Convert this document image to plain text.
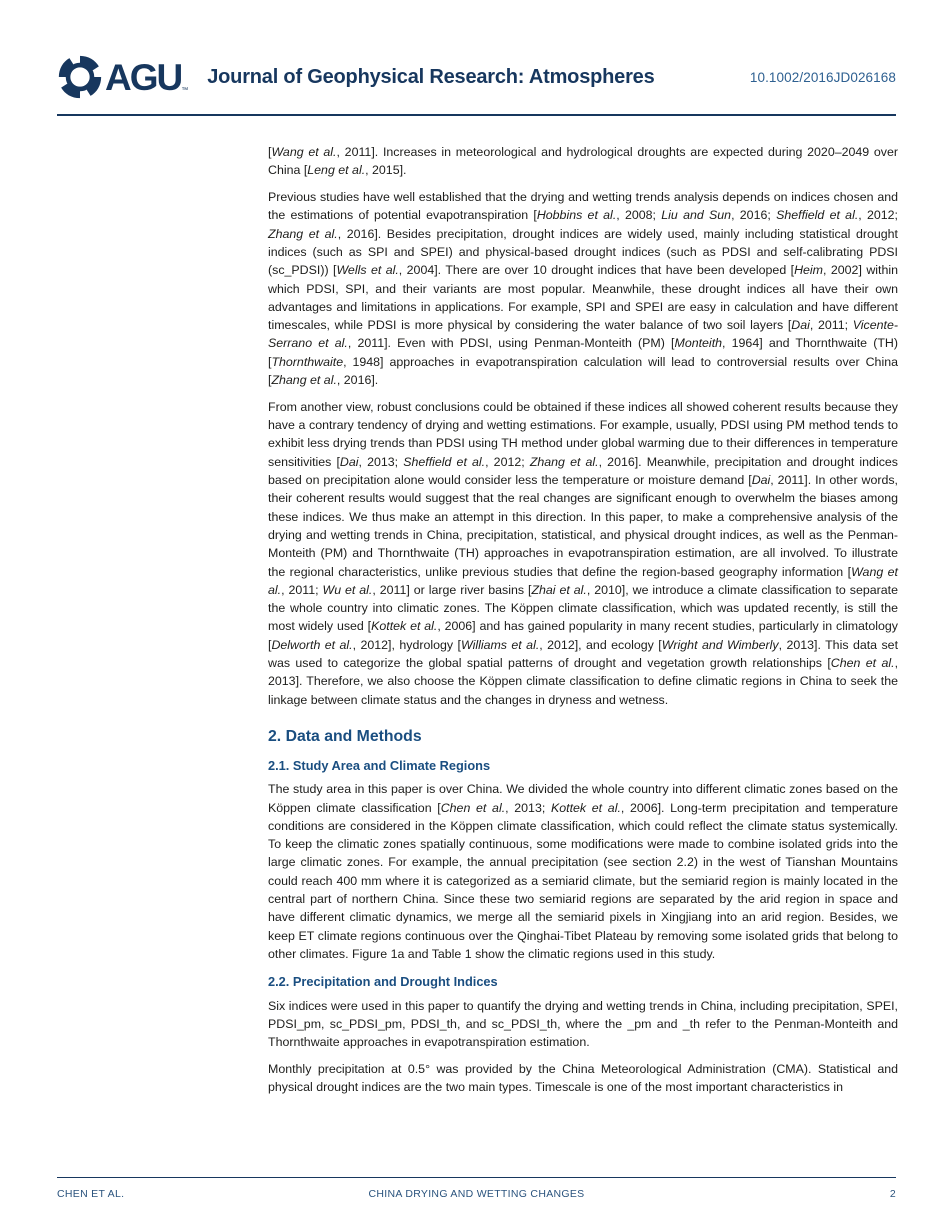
AGU ™
Journal of Geophysical Research: Atmospheres	10.1002/2016JD026168

[Wang et al., 2011]. Increases in meteorological and hydrological droughts are expected during 2020–2049 over China [Leng et al., 2015].

Previous studies have well established that the drying and wetting trends analysis depends on indices chosen and the estimations of potential evapotranspiration [Hobbins et al., 2008; Liu and Sun, 2016; Sheffield et al., 2012; Zhang et al., 2016]. Besides precipitation, drought indices are widely used, mainly including statistical drought indices (such as SPI and SPEI) and physical-based drought indices (such as PDSI and self-calibrating PDSI (sc_PDSI)) [Wells et al., 2004]. There are over 10 drought indices that have been developed [Heim, 2002] within which PDSI, SPI, and their variants are most popular. Meanwhile, these drought indices all have their own advantages and limitations in applications. For example, SPI and SPEI are easy in calculation and have different timescales, while PDSI is more physical by considering the water balance of two soil layers [Dai, 2011; Vicente-Serrano et al., 2011]. Even with PDSI, using Penman-Monteith (PM) [Monteith, 1964] and Thornthwaite (TH) [Thornthwaite, 1948] approaches in evapotranspiration calculation will lead to controversial results over China [Zhang et al., 2016].

From another view, robust conclusions could be obtained if these indices all showed coherent results because they have a contrary tendency of drying and wetting estimations. For example, usually, PDSI using PM method tends to exhibit less drying trends than PDSI using TH method under global warming due to their differences in temperature sensitivities [Dai, 2013; Sheffield et al., 2012; Zhang et al., 2016]. Meanwhile, precipitation and drought indices based on precipitation alone would consider less the temperature or moisture demand [Dai, 2011]. In other words, their coherent results would suggest that the real changes are significant enough to overwhelm the biases among these indices. We thus make an attempt in this direction. In this paper, to make a comprehensive analysis of the drying and wetting trends in China, precipitation, statistical, and physical drought indices, as well as the Penman-Monteith (PM) and Thornthwaite (TH) approaches in evapotranspiration estimation, are all involved. To illustrate the regional characteristics, unlike previous studies that define the region-based geography information [Wang et al., 2011; Wu et al., 2011] or large river basins [Zhai et al., 2010], we introduce a climate classification to separate the whole country into climatic zones. The Köppen climate classification, which was updated recently, is still the most widely used [Kottek et al., 2006] and has gained popularity in many recent studies, particularly in climatology [Delworth et al., 2012], hydrology [Williams et al., 2012], and ecology [Wright and Wimberly, 2013]. This data set was used to categorize the global spatial patterns of drought and vegetation growth relationships [Chen et al., 2013]. Therefore, we also choose the Köppen climate classification to define climatic regions in China to seek the linkage between climate status and the changes in dryness and wetness.

2. Data and Methods
2.1. Study Area and Climate Regions

The study area in this paper is over China. We divided the whole country into different climatic zones based on the Köppen climate classification [Chen et al., 2013; Kottek et al., 2006]. Long-term precipitation and temperature conditions are considered in the Köppen climate classification, which could reflect the climate status systemically. To keep the climatic zones spatially continuous, some modifications were made to combine isolated grids into the large climatic zones. For example, the annual precipitation (see section 2.2) in the west of Tianshan Mountains could reach 400 mm where it is categorized as a semiarid climate, but the semiarid region is mainly located in the central part of northern China. Since these two semiarid regions are separated by the arid region in space and have different climatic dynamics, we merge all the semiarid pixels in Xingjiang into an arid region. Besides, we keep ET climate regions continuous over the Qinghai-Tibet Plateau by removing some isolated grids that belong to other climates. Figure 1a and Table 1 show the climatic regions used in this study.

2.2. Precipitation and Drought Indices

Six indices were used in this paper to quantify the drying and wetting trends in China, including precipitation, SPEI, PDSI_pm, sc_PDSI_pm, PDSI_th, and sc_PDSI_th, where the _pm and _th refer to the Penman-Monteith and Thornthwaite approaches in evapotranspiration estimation.

Monthly precipitation at 0.5° was provided by the China Meteorological Administration (CMA). Statistical and physical drought indices are the two main types. Timescale is one of the most important characteristics in

CHEN ET AL.	CHINA DRYING AND WETTING CHANGES	2
